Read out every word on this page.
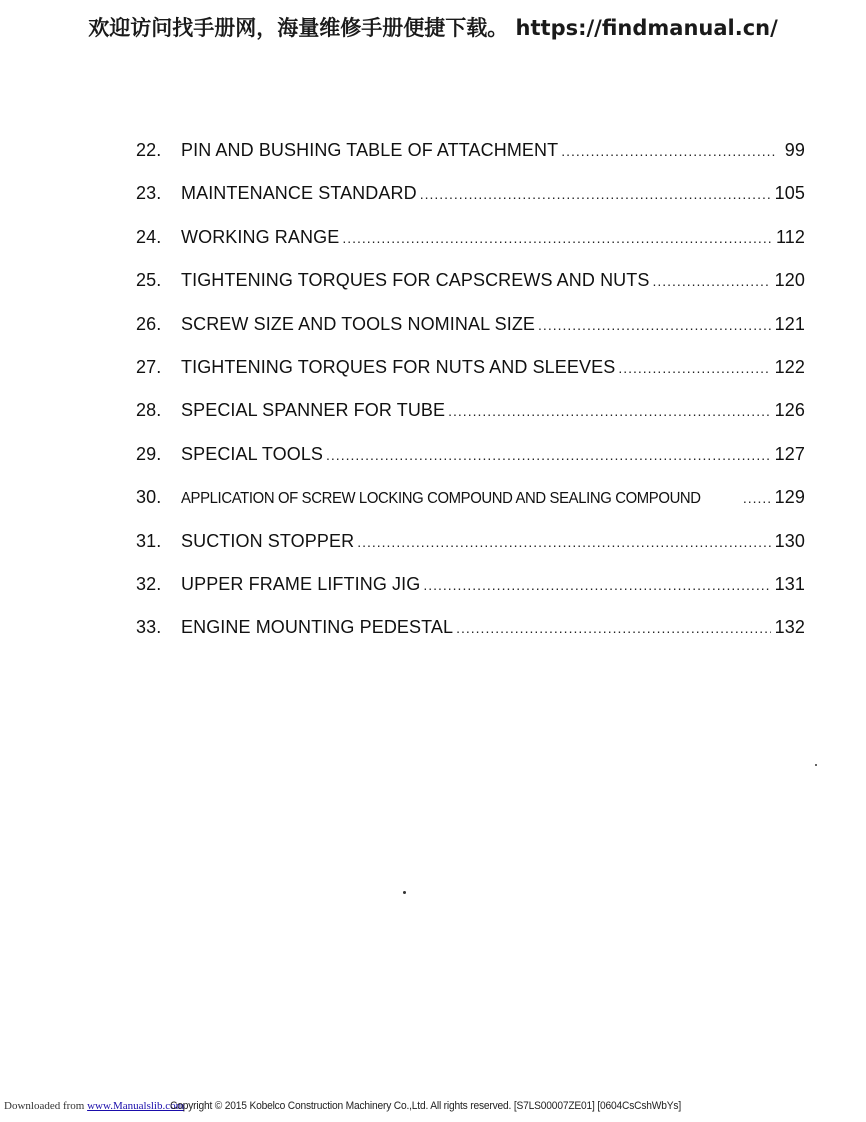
欢迎访问找手册网，海量维修手册便捷下载。 https://findmanual.cn/
22.	PIN AND BUSHING TABLE OF ATTACHMENT .....	99
23.	MAINTENANCE STANDARD .....	105
24.	WORKING RANGE .....	112
25.	TIGHTENING TORQUES FOR CAPSCREWS AND NUTS .....	120
26.	SCREW SIZE AND TOOLS NOMINAL SIZE .....	121
27.	TIGHTENING TORQUES FOR NUTS AND SLEEVES .....	122
28.	SPECIAL SPANNER FOR TUBE .....	126
29.	SPECIAL TOOLS .....	127
30.	APPLICATION OF SCREW LOCKING COMPOUND AND SEALING COMPOUND .....	129
31.	SUCTION STOPPER .....	130
32.	UPPER FRAME LIFTING JIG .....	131
33.	ENGINE MOUNTING PEDESTAL .....	132
Downloaded from www.Manualslib.com
Copyright © 2015 Kobelco Construction Machinery Co.,Ltd. All rights reserved. [S7LS00007ZE01] [0604CsCshWbYs]
